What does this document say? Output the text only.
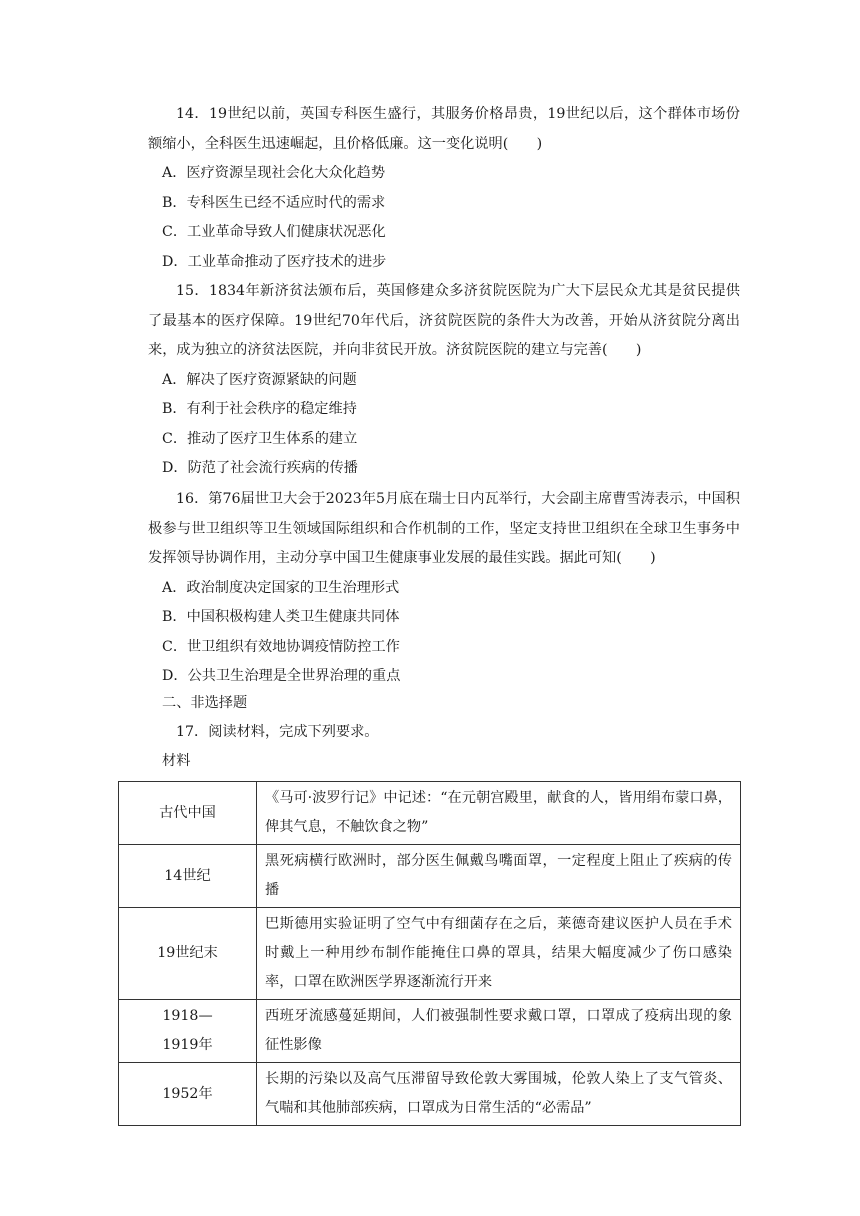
14．19世纪以前，英国专科医生盛行，其服务价格昂贵，19世纪以后，这个群体市场份额缩小，全科医生迅速崛起，且价格低廉。这一变化说明(　　)

A．医疗资源呈现社会化大众化趋势

B．专科医生已经不适应时代的需求

C．工业革命导致人们健康状况恶化

D．工业革命推动了医疗技术的进步

15．1834年新济贫法颁布后，英国修建众多济贫院医院为广大下层民众尤其是贫民提供了最基本的医疗保障。19世纪70年代后，济贫院医院的条件大为改善，开始从济贫院分离出来，成为独立的济贫法医院，并向非贫民开放。济贫院医院的建立与完善(　　)

A．解决了医疗资源紧缺的问题

B．有利于社会秩序的稳定维持

C．推动了医疗卫生体系的建立

D．防范了社会流行疾病的传播

16．第76届世卫大会于2023年5月底在瑞士日内瓦举行，大会副主席曹雪涛表示，中国积极参与世卫组织等卫生领域国际组织和合作机制的工作，坚定支持世卫组织在全球卫生事务中发挥领导协调作用，主动分享中国卫生健康事业发展的最佳实践。据此可知(　　)

A．政治制度决定国家的卫生治理形式

B．中国积极构建人类卫生健康共同体

C．世卫组织有效地协调疫情防控工作

D．公共卫生治理是全世界治理的重点

二、非选择题

17．阅读材料，完成下列要求。

材料

古代中国	《马可·波罗行记》中记述：“在元朝宫殿里，献食的人，皆用绢布蒙口鼻，俾其气息，不触饮食之物”
14世纪	黑死病横行欧洲时，部分医生佩戴鸟嘴面罩，一定程度上阻止了疾病的传播
19世纪末	巴斯德用实验证明了空气中有细菌存在之后，莱德奇建议医护人员在手术时戴上一种用纱布制作能掩住口鼻的罩具，结果大幅度减少了伤口感染率，口罩在欧洲医学界逐渐流行开来

1918—
1919年	西班牙流感蔓延期间，人们被强制性要求戴口罩，口罩成了疫病出现的象征性影像
1952年	长期的污染以及高气压滞留导致伦敦大雾围城，伦敦人染上了支气管炎、气喘和其他肺部疾病，口罩成为日常生活的“必需品”
